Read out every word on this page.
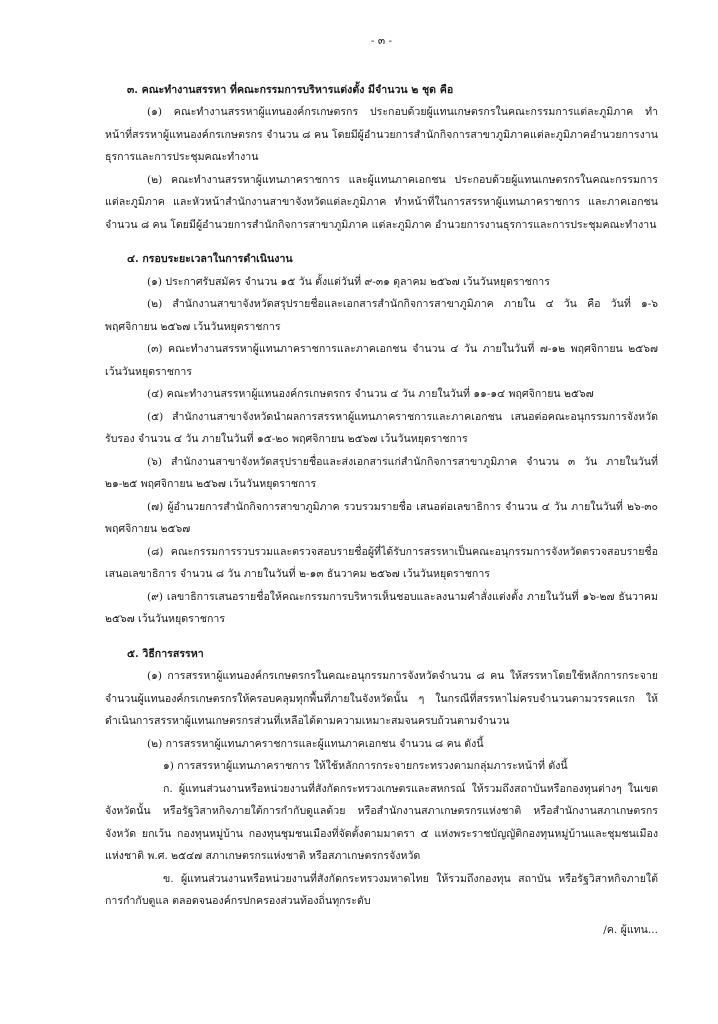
- ๓ -

๓. คณะทำงานสรรหา ที่คณะกรรมการบริหารแต่งตั้ง มีจำนวน ๒ ชุด คือ

(๑) คณะทำงานสรรหาผู้แทนองค์กรเกษตรกร ประกอบด้วยผู้แทนเกษตรกรในคณะกรรมการแต่ละภูมิภาค ทำหน้าที่สรรหาผู้แทนองค์กรเกษตรกร จำนวน ๘ คน โดยมีผู้อำนวยการสำนักกิจการสาขาภูมิภาคแต่ละภูมิภาคอำนวยการงานธุรการและการประชุมคณะทำงาน

(๒) คณะทำงานสรรหาผู้แทนภาคราชการ และผู้แทนภาคเอกชน ประกอบด้วยผู้แทนเกษตรกรในคณะกรรมการแต่ละภูมิภาค และหัวหน้าสำนักงานสาขาจังหวัดแต่ละภูมิภาค ทำหน้าที่ในการสรรหาผู้แทนภาคราชการ และภาคเอกชน จำนวน ๘ คน โดยมีผู้อำนวยการสำนักกิจการสาขาภูมิภาค แต่ละภูมิภาค อำนวยการงานธุรการและการประชุมคณะทำงาน

๔. กรอบระยะเวลาในการดำเนินงาน

(๑) ประกาศรับสมัคร จำนวน ๑๕ วัน ตั้งแต่วันที่ ๙-๓๑ ตุลาคม ๒๕๖๗ เว้นวันหยุดราชการ

(๒) สำนักงานสาขาจังหวัดสรุปรายชื่อและเอกสารสำนักกิจการสาขาภูมิภาค ภายใน ๔ วัน คือ วันที่ ๑-๖ พฤศจิกายน ๒๕๖๗ เว้นวันหยุดราชการ

(๓) คณะทำงานสรรหาผู้แทนภาคราชการและภาคเอกชน จำนวน ๔ วัน ภายในวันที่ ๗-๑๒ พฤศจิกายน ๒๕๖๗ เว้นวันหยุดราชการ

(๔) คณะทำงานสรรหาผู้แทนองค์กรเกษตรกร จำนวน ๔ วัน ภายในวันที่ ๑๑-๑๔ พฤศจิกายน ๒๕๖๗

(๕) สำนักงานสาขาจังหวัดนำผลการสรรหาผู้แทนภาคราชการและภาคเอกชน เสนอต่อคณะอนุกรรมการจังหวัดรับรอง จำนวน ๔ วัน ภายในวันที่ ๑๕-๒๐ พฤศจิกายน ๒๕๖๗ เว้นวันหยุดราชการ

(๖) สำนักงานสาขาจังหวัดสรุปรายชื่อและส่งเอกสารแก่สำนักกิจการสาขาภูมิภาค จำนวน ๓ วัน ภายในวันที่ ๒๑-๒๕ พฤศจิกายน ๒๕๖๗ เว้นวันหยุดราชการ

(๗) ผู้อำนวยการสำนักกิจการสาขาภูมิภาค รวบรวมรายชื่อ เสนอต่อเลขาธิการ จำนวน ๔ วัน ภายในวันที่ ๒๖-๓๐ พฤศจิกายน ๒๕๖๗

(๘) คณะกรรมการรวบรวมและตรวจสอบรายชื่อผู้ที่ได้รับการสรรหาเป็นคณะอนุกรรมการจังหวัดตรวจสอบรายชื่อเสนอเลขาธิการ จำนวน ๘ วัน ภายในวันที่ ๒-๑๓ ธันวาคม ๒๕๖๗ เว้นวันหยุดราชการ

(๙) เลขาธิการเสนอรายชื่อให้คณะกรรมการบริหารเห็นชอบและลงนามคำสั่งแต่งตั้ง ภายในวันที่ ๑๖-๒๗ ธันวาคม ๒๕๖๗ เว้นวันหยุดราชการ

๕. วิธีการสรรหา

(๑) การสรรหาผู้แทนองค์กรเกษตรกรในคณะอนุกรรมการจังหวัดจำนวน ๘ คน ให้สรรหาโดยใช้หลักการกระจายจำนวนผู้แทนองค์กรเกษตรกรให้ครอบคลุมทุกพื้นที่ภายในจังหวัดนั้น ๆ ในกรณีที่สรรหาไม่ครบจำนวนตามวรรคแรก ให้ดำเนินการสรรหาผู้แทนเกษตรกรส่วนที่เหลือได้ตามความเหมาะสมจนครบถ้วนตามจำนวน

(๒) การสรรหาผู้แทนภาคราชการและผู้แทนภาคเอกชน จำนวน ๘ คน ดังนี้

๑) การสรรหาผู้แทนภาคราชการ ให้ใช้หลักการกระจายกระทรวงตามกลุ่มภาระหน้าที่ ดังนี้

ก. ผู้แทนส่วนงานหรือหน่วยงานที่สังกัดกระทรวงเกษตรและสหกรณ์ ให้รวมถึงสถาบันหรือกองทุนต่างๆ ในเขตจังหวัดนั้น หรือรัฐวิสาหกิจภายใต้การกำกับดูแลด้วย หรือสำนักงานสภาเกษตรกรแห่งชาติ หรือสำนักงานสภาเกษตรกรจังหวัด ยกเว้น กองทุนหมู่บ้าน กองทุนชุมชนเมืองที่จัดตั้งตามมาตรา ๕ แห่งพระราชบัญญัติกองทุนหมู่บ้านและชุมชนเมืองแห่งชาติ พ.ศ. ๒๕๔๗ สภาเกษตรกรแห่งชาติ หรือสภาเกษตรกรจังหวัด

ข. ผู้แทนส่วนงานหรือหน่วยงานที่สังกัดกระทรวงมหาดไทย ให้รวมถึงกองทุน สถาบัน หรือรัฐวิสาหกิจภายใต้การกำกับดูแล ตลอดจนองค์กรปกครองส่วนท้องถิ่นทุกระดับ

/ค. ผู้แทน...
